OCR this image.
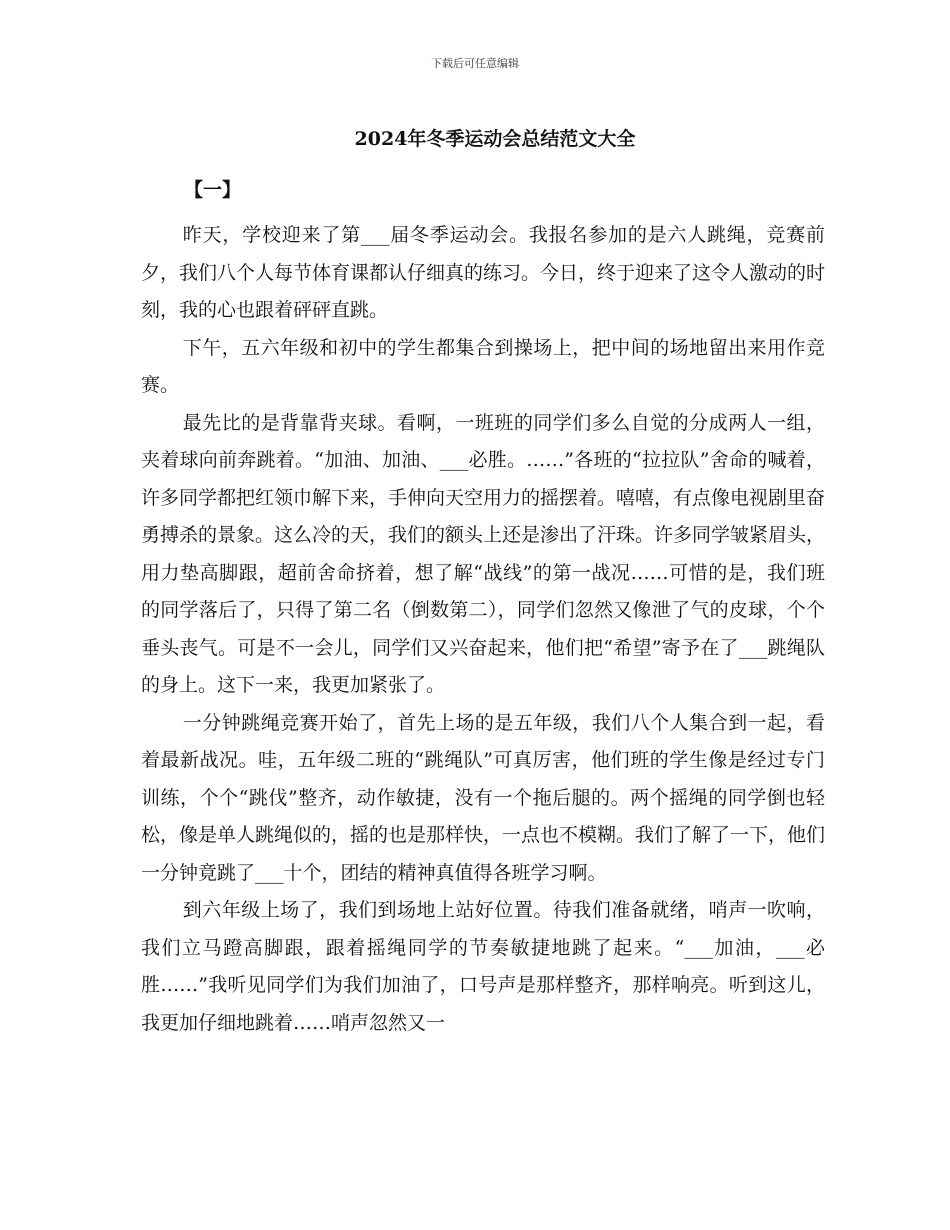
下载后可任意编辑
2024年冬季运动会总结范文大全
【一】

昨天，学校迎来了第___届冬季运动会。我报名参加的是六人跳绳，竞赛前夕，我们八个人每节体育课都认仔细真的练习。今日，终于迎来了这令人激动的时刻，我的心也跟着砰砰直跳。

下午，五六年级和初中的学生都集合到操场上，把中间的场地留出来用作竞赛。

最先比的是背靠背夹球。看啊，一班班的同学们多么自觉的分成两人一组，夹着球向前奔跳着。“加油、加油、___必胜。……”各班的“拉拉队”舍命的喊着，许多同学都把红领巾解下来，手伸向天空用力的摇摆着。嘻嘻，有点像电视剧里奋勇搏杀的景象。这么冷的天，我们的额头上还是渗出了汗珠。许多同学皱紧眉头，用力垫高脚跟，超前舍命挤着，想了解“战线”的第一战况……可惜的是，我们班的同学落后了，只得了第二名（倒数第二），同学们忽然又像泄了气的皮球，个个垂头丧气。可是不一会儿，同学们又兴奋起来，他们把“希望”寄予在了___跳绳队的身上。这下一来，我更加紧张了。

一分钟跳绳竞赛开始了，首先上场的是五年级，我们八个人集合到一起，看着最新战况。哇，五年级二班的“跳绳队”可真厉害，他们班的学生像是经过专门训练，个个“跳伐”整齐，动作敏捷，没有一个拖后腿的。两个摇绳的同学倒也轻松，像是单人跳绳似的，摇的也是那样快，一点也不模糊。我们了解了一下，他们一分钟竟跳了___十个，团结的精神真值得各班学习啊。

到六年级上场了，我们到场地上站好位置。待我们准备就绪，哨声一吹响，我们立马蹬高脚跟，跟着摇绳同学的节奏敏捷地跳了起来。“___加油，___必胜……”我听见同学们为我们加油了，口号声是那样整齐，那样响亮。听到这儿，我更加仔细地跳着……哨声忽然又一
